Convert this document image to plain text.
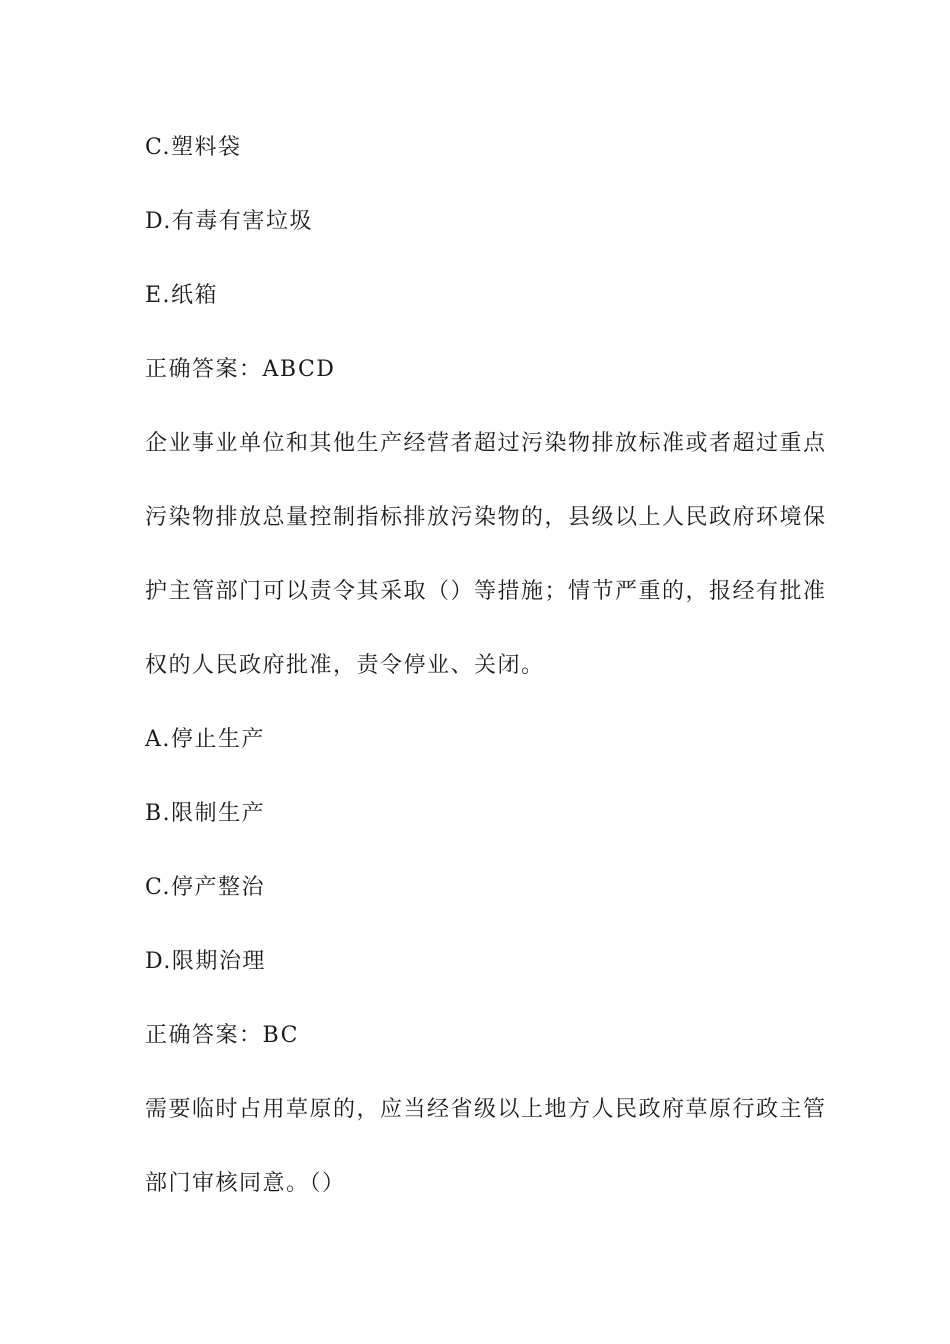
C.塑料袋
D.有毒有害垃圾
E.纸箱
正确答案：ABCD
企业事业单位和其他生产经营者超过污染物排放标准或者超过重点
污染物排放总量控制指标排放污染物的，县级以上人民政府环境保
护主管部门可以责令其采取（）等措施；情节严重的，报经有批准
权的人民政府批准，责令停业、关闭。
A.停止生产
B.限制生产
C.停产整治
D.限期治理
正确答案：BC
需要临时占用草原的，应当经省级以上地方人民政府草原行政主管
部门审核同意。（）
